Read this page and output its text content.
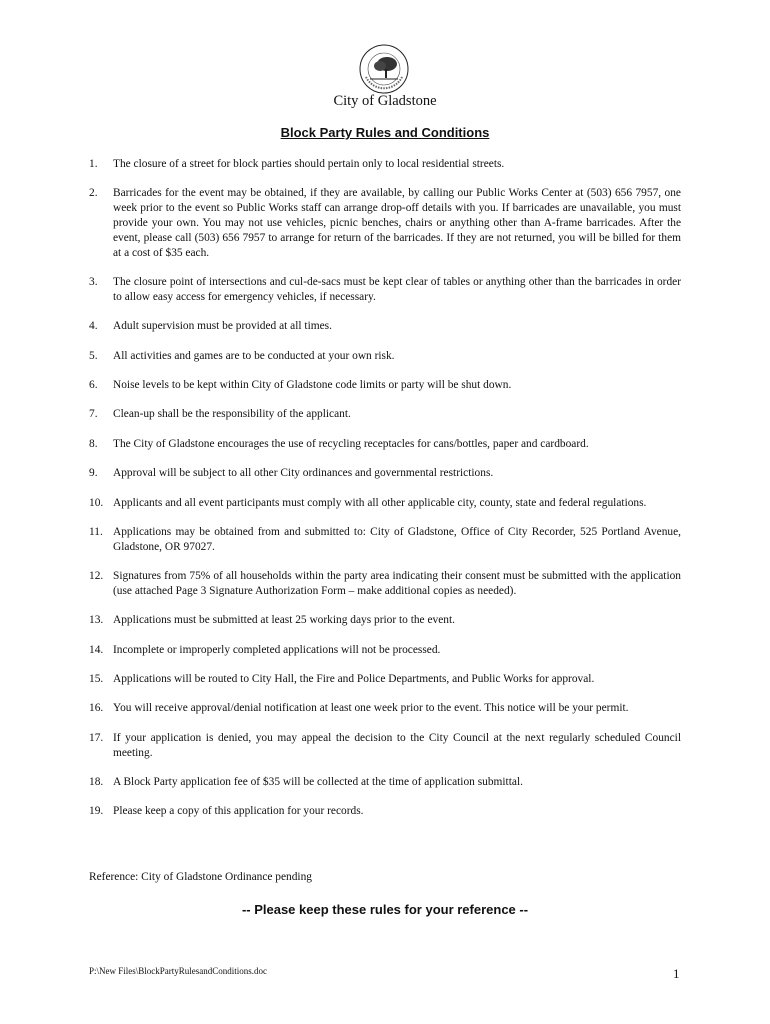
City of Gladstone
Block Party Rules and Conditions
1.	The closure of a street for block parties should pertain only to local residential streets.
2.	Barricades for the event may be obtained, if they are available, by calling our Public Works Center at (503) 656 7957, one week prior to the event so Public Works staff can arrange drop-off details with you. If barricades are unavailable, you must provide your own. You may not use vehicles, picnic benches, chairs or anything other than A-frame barricades. After the event, please call (503) 656 7957 to arrange for return of the barricades. If they are not returned, you will be billed for them at a cost of $35 each.
3.	The closure point of intersections and cul-de-sacs must be kept clear of tables or anything other than the barricades in order to allow easy access for emergency vehicles, if necessary.
4.	Adult supervision must be provided at all times.
5.	All activities and games are to be conducted at your own risk.
6.	Noise levels to be kept within City of Gladstone code limits or party will be shut down.
7.	Clean-up shall be the responsibility of the applicant.
8.	The City of Gladstone encourages the use of recycling receptacles for cans/bottles, paper and cardboard.
9.	Approval will be subject to all other City ordinances and governmental restrictions.
10. Applicants and all event participants must comply with all other applicable city, county, state and federal regulations.
11. Applications may be obtained from and submitted to: City of Gladstone, Office of City Recorder, 525 Portland Avenue, Gladstone, OR 97027.
12. Signatures from 75% of all households within the party area indicating their consent must be submitted with the application (use attached Page 3 Signature Authorization Form – make additional copies as needed).
13. Applications must be submitted at least 25 working days prior to the event.
14. Incomplete or improperly completed applications will not be processed.
15. Applications will be routed to City Hall, the Fire and Police Departments, and Public Works for approval.
16. You will receive approval/denial notification at least one week prior to the event. This notice will be your permit.
17. If your application is denied, you may appeal the decision to the City Council at the next regularly scheduled Council meeting.
18. A Block Party application fee of $35 will be collected at the time of application submittal.
19. Please keep a copy of this application for your records.
Reference: City of Gladstone Ordinance pending
-- Please keep these rules for your reference --
P:\New Files\BlockPartyRulesandConditions.doc	1
